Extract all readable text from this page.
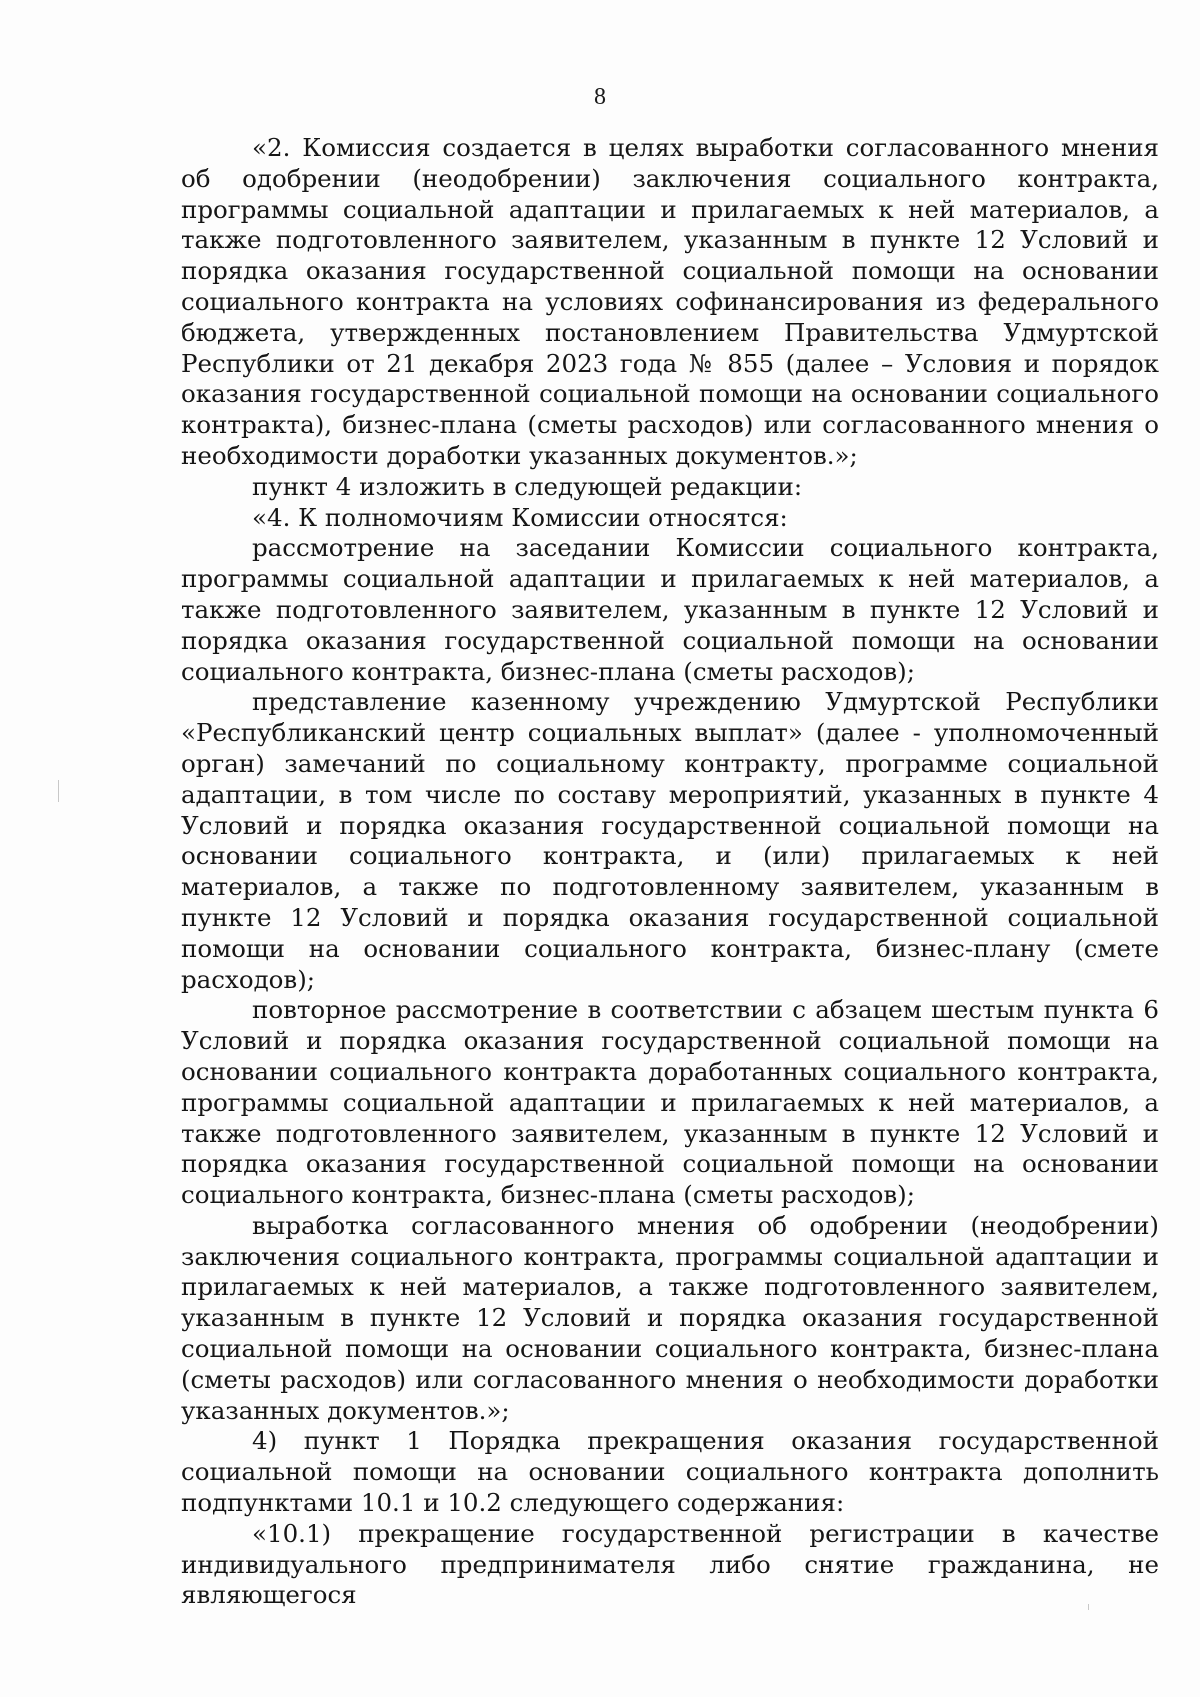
8

«2. Комиссия создается в целях выработки согласованного мнения об одобрении (неодобрении) заключения социального контракта, программы социальной адаптации и прилагаемых к ней материалов, а также подготовленного заявителем, указанным в пункте 12 Условий и порядка оказания государственной социальной помощи на основании социального контракта на условиях софинансирования из федерального бюджета, утвержденных постановлением Правительства Удмуртской Республики от 21 декабря 2023 года № 855 (далее – Условия и порядок оказания государственной социальной помощи на основании социального контракта), бизнес-плана (сметы расходов) или согласованного мнения о необходимости доработки указанных документов.»;

пункт 4 изложить в следующей редакции:

«4. К полномочиям Комиссии относятся:

рассмотрение на заседании Комиссии социального контракта, программы социальной адаптации и прилагаемых к ней материалов, а также подготовленного заявителем, указанным в пункте 12 Условий и порядка оказания государственной социальной помощи на основании социального контракта, бизнес-плана (сметы расходов);

представление казенному учреждению Удмуртской Республики «Республиканский центр социальных выплат» (далее - уполномоченный орган) замечаний по социальному контракту, программе социальной адаптации, в том числе по составу мероприятий, указанных в пункте 4 Условий и порядка оказания государственной социальной помощи на основании социального контракта, и (или) прилагаемых к ней материалов, а также по подготовленному заявителем, указанным в пункте 12 Условий и порядка оказания государственной социальной помощи на основании социального контракта, бизнес-плану (смете расходов);

повторное рассмотрение в соответствии с абзацем шестым пункта 6 Условий и порядка оказания государственной социальной помощи на основании социального контракта доработанных социального контракта, программы социальной адаптации и прилагаемых к ней материалов, а также подготовленного заявителем, указанным в пункте 12 Условий и порядка оказания государственной социальной помощи на основании социального контракта, бизнес-плана (сметы расходов);

выработка согласованного мнения об одобрении (неодобрении) заключения социального контракта, программы социальной адаптации и прилагаемых к ней материалов, а также подготовленного заявителем, указанным в пункте 12 Условий и порядка оказания государственной социальной помощи на основании социального контракта, бизнес-плана (сметы расходов) или согласованного мнения о необходимости доработки указанных документов.»;

4) пункт 1 Порядка прекращения оказания государственной социальной помощи на основании социального контракта дополнить подпунктами 10.1 и 10.2 следующего содержания:

«10.1) прекращение государственной регистрации в качестве индивидуального предпринимателя либо снятие гражданина, не являющегося
